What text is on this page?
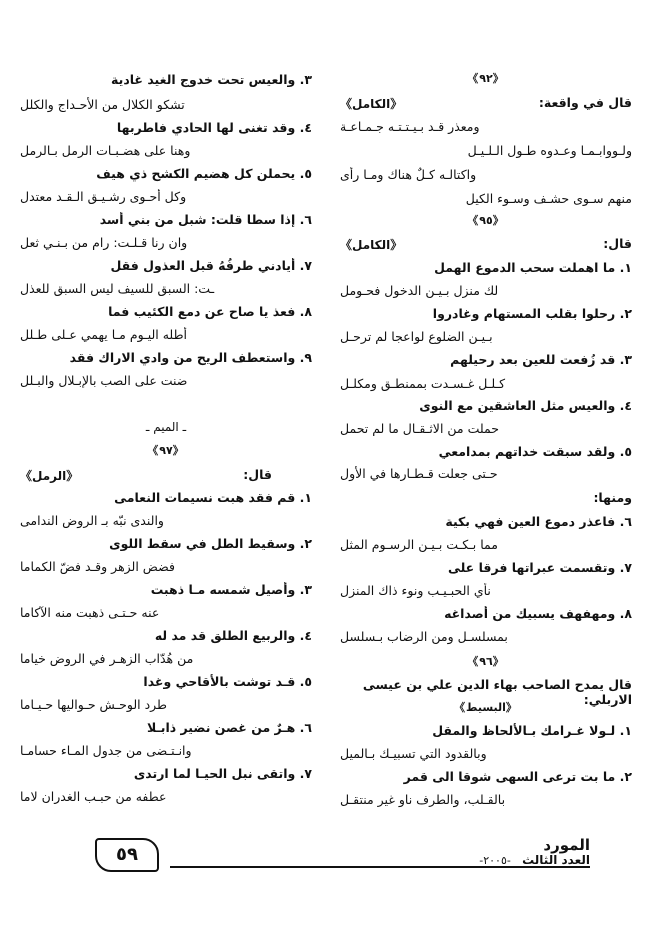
《٩٢》
قال في واقعة:
《الكامل》
ومعذر قـد بـيـتـتـه جـمـاعـة
ولـووابـمـا وعـدوه طـول الـلـيـل
واكتالـه كـلٌ هناك ومـا رأى
منهم سـوى حشـف وسـوء الكيل
《٩٥》
قال:
《الكامل》
١. ما اهملت سحب الدموع الهمل
لك منزل بـيـن الدخول فحـومل
٢. رحلوا بقلب المستهام وغادروا
بـيـن الضلوع لواعجا لم ترحـل
٣. قد زُفعت للعين بعد رحيلهم
كـلـل غـسـدت بممنطـق ومكلـل
٤. والعيس مثل العاشقين مع النوى
حملت من الاثـقـال ما لم تحمل
٥. ولقد سبقت خداتهم بمدامعي
حـتى جعلت قـطـارها في الأول
ومنها:
٦. فاعذر دموع العين فهي بكية
مما بـكـت بـيـن الرسـوم المثل
٧. وتقسمت عبراتها فرقا على
نأي الحبـيـب ونوء ذاك المنزل
٨. ومهفهف يسبيك من أصداغه
بمسلسـل ومن الرضاب بـسلسل
《٩٦》
قال يمدح الصاحب بهاء الدين علي بن عيسى الاربلي:
《البسيط》
١. لـولا غـرامك بـالألحاظ والمقل
وبالقدود التي تسبيـك بـالميل
٢. ما بت ترعى السهى شوقا الى قمر
بالقـلب، والطرف ناو غير منتقـل
٣. والعيس تحت خدوج الغيد غادية
تشكو الكلال من الأحـداج والكلل
٤. وقد تغنى لها الحادي فاطربها
وهنا على هضـبـات الرمل بـالرمل
٥. يحملن كل هضيم الكشح ذي هيف
وكل أحـوى رشـيـق الـقـد معتدل
٦. إذا سطا قلت: شبل من بني أسد
وان رنا قـلـت: رام من بـنـي ثعل
٧. أيادني طرفُهُ قبل العذول فقل
ـت: السبق للسيف ليس السبق للعذل
٨. فعذ يا صاح عن دمع الكئيب فما
أطله اليـوم مـا يهمي عـلى طـلل
٩. واستعطف الريح من وادي الاراك فقد
ضنت على الصب بالإبـلال والبـلل
ـ الميم ـ
《٩٧》
قال:
《الرمل》
١. قم فقد هبت نسيمات النعامى
والندى نبّه بـ الروض الندامى
٢. وسقيط الطل في سقط اللوى
فضض الزهر وقـد فضّ الكماما
٣. وأصيل شمسه مـا ذهبت
عنه حـتـى ذهبت منه الآكاما
٤. والربيع الطلق قد مد له
من هُدّاب الزهـر في الروض خياما
٥. قـد توشت بالأقاحي وغدا
طرد الوحـش حـواليها حـيـاما
٦. هـرٌ من غصن نضير ذابـلا
وانـتـضى من جدول المـاء حسامـا
٧. واتقى نبل الحيـا لما ارتدى
عطفه من حبـب الغدران لاما
٥٩	المورد
العدد الثالث -٢٠٠٥-
